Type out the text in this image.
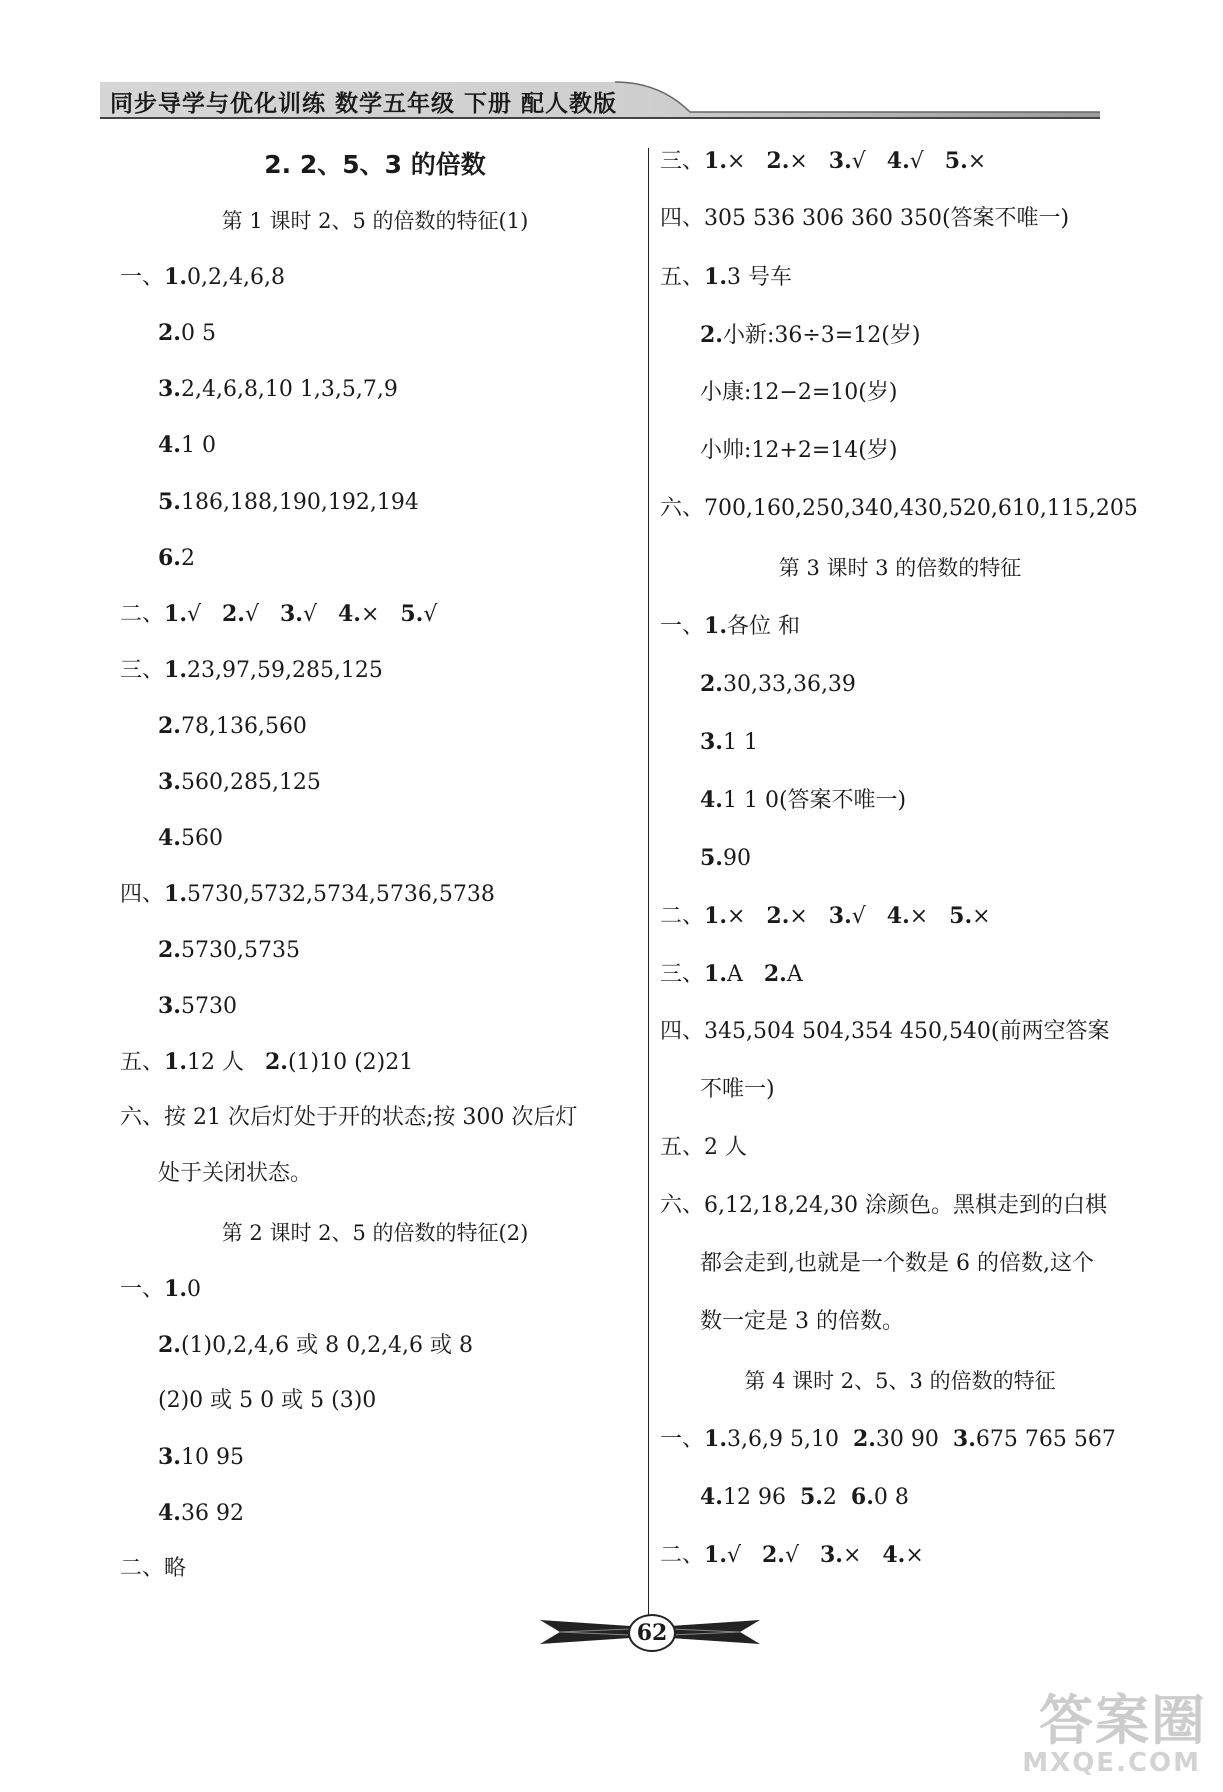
同步导学与优化训练 数学五年级 下册 配人教版
2. 2、5、3 的倍数
第 1 课时 2、5 的倍数的特征(1)
一、1.0,2,4,6,8
2.0 5
3.2,4,6,8,10 1,3,5,7,9
4.1 0
5.186,188,190,192,194
6.2
二、1.√ 2.√ 3.√ 4.× 5.√
三、1.23,97,59,285,125
2.78,136,560
3.560,285,125
4.560
四、1.5730,5732,5734,5736,5738
2.5730,5735
3.5730
五、1.12 人 2.(1)10 (2)21
六、按 21 次后灯处于开的状态;按 300 次后灯
处于关闭状态。
第 2 课时 2、5 的倍数的特征(2)
一、1.0
2.(1)0,2,4,6 或 8 0,2,4,6 或 8
(2)0 或 5 0 或 5 (3)0
3.10 95
4.36 92
二、略
三、1.× 2.× 3.√ 4.√ 5.×
四、305 536 306 360 350(答案不唯一)
五、1.3 号车
2.小新:36÷3=12(岁)
小康:12−2=10(岁)
小帅:12+2=14(岁)
六、700,160,250,340,430,520,610,115,205
第 3 课时 3 的倍数的特征
一、1.各位 和
2.30,33,36,39
3.1 1
4.1 1 0(答案不唯一)
5.90
二、1.× 2.× 3.√ 4.× 5.×
三、1.A 2.A
四、345,504 504,354 450,540(前两空答案
不唯一)
五、2 人
六、6,12,18,24,30 涂颜色。黑棋走到的白棋
都会走到,也就是一个数是 6 的倍数,这个
数一定是 3 的倍数。
第 4 课时 2、5、3 的倍数的特征
一、1.3,6,9 5,10 2.30 90 3.675 765 567
4.12 96 5.2 6.0 8
二、1.√ 2.√ 3.× 4.×
62
答案圈
MXQE.COM
